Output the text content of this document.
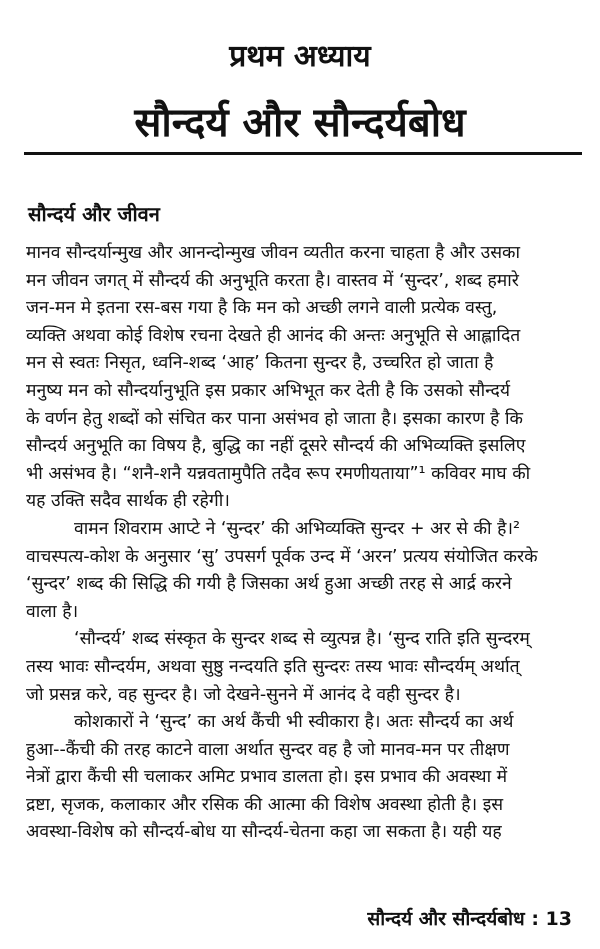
प्रथम अध्याय
सौन्दर्य और सौन्दर्यबोध
सौन्दर्य और जीवन

मानव सौन्दर्यान्मुख और आनन्दोन्मुख जीवन व्यतीत करना चाहता है और उसका
मन जीवन जगत् में सौन्दर्य की अनुभूति करता है। वास्तव में ‘सुन्दर’, शब्द हमारे
जन-मन मे इतना रस-बस गया है कि मन को अच्छी लगने वाली प्रत्येक वस्तु,
व्यक्ति अथवा कोई विशेष रचना देखते ही आनंद की अन्तः अनुभूति से आह्लादित
मन से स्वतः निसृत, ध्वनि-शब्द ‘आह’ कितना सुन्दर है, उच्चरित हो जाता है
मनुष्य मन को सौन्दर्यानुभूति इस प्रकार अभिभूत कर देती है कि उसको सौन्दर्य
के वर्णन हेतु शब्दों को संचित कर पाना असंभव हो जाता है। इसका कारण है कि
सौन्दर्य अनुभूति का विषय है, बुद्धि का नहीं दूसरे सौन्दर्य की अभिव्यक्ति इसलिए
भी असंभव है। “शनै-शनै यन्नवतामुपैति तदैव रूप रमणीयताया”¹ कविवर माघ की
यह उक्ति सदैव सार्थक ही रहेगी।

वामन शिवराम आप्टे ने ‘सुन्दर’ की अभिव्यक्ति सुन्दर + अर से की है।²
वाचस्पत्य-कोश के अनुसार ‘सु’ उपसर्ग पूर्वक उन्द में ‘अरन’ प्रत्यय संयोजित करके
‘सुन्दर’ शब्द की सिद्धि की गयी है जिसका अर्थ हुआ अच्छी तरह से आर्द्र करने
वाला है।

‘सौन्दर्य’ शब्द संस्कृत के सुन्दर शब्द से व्युत्पन्न है। ‘सुन्द राति इति सुन्दरम्
तस्य भावः सौन्दर्यम, अथवा सुष्ठु नन्दयति इति सुन्दरः तस्य भावः सौन्दर्यम् अर्थात्
जो प्रसन्न करे, वह सुन्दर है। जो देखने-सुनने में आनंद दे वही सुन्दर है।

कोशकारों ने ‘सुन्द’ का अर्थ कैंची भी स्वीकारा है। अतः सौन्दर्य का अर्थ
हुआ--कैंची की तरह काटने वाला अर्थात सुन्दर वह है जो मानव-मन पर तीक्षण
नेत्रों द्वारा कैंची सी चलाकर अमिट प्रभाव डालता हो। इस प्रभाव की अवस्था में
द्रष्टा, सृजक, कलाकार और रसिक की आत्मा की विशेष अवस्था होती है। इस
अवस्था-विशेष को सौन्दर्य-बोध या सौन्दर्य-चेतना कहा जा सकता है। यही यह

सौन्दर्य और सौन्दर्यबोध : 13
